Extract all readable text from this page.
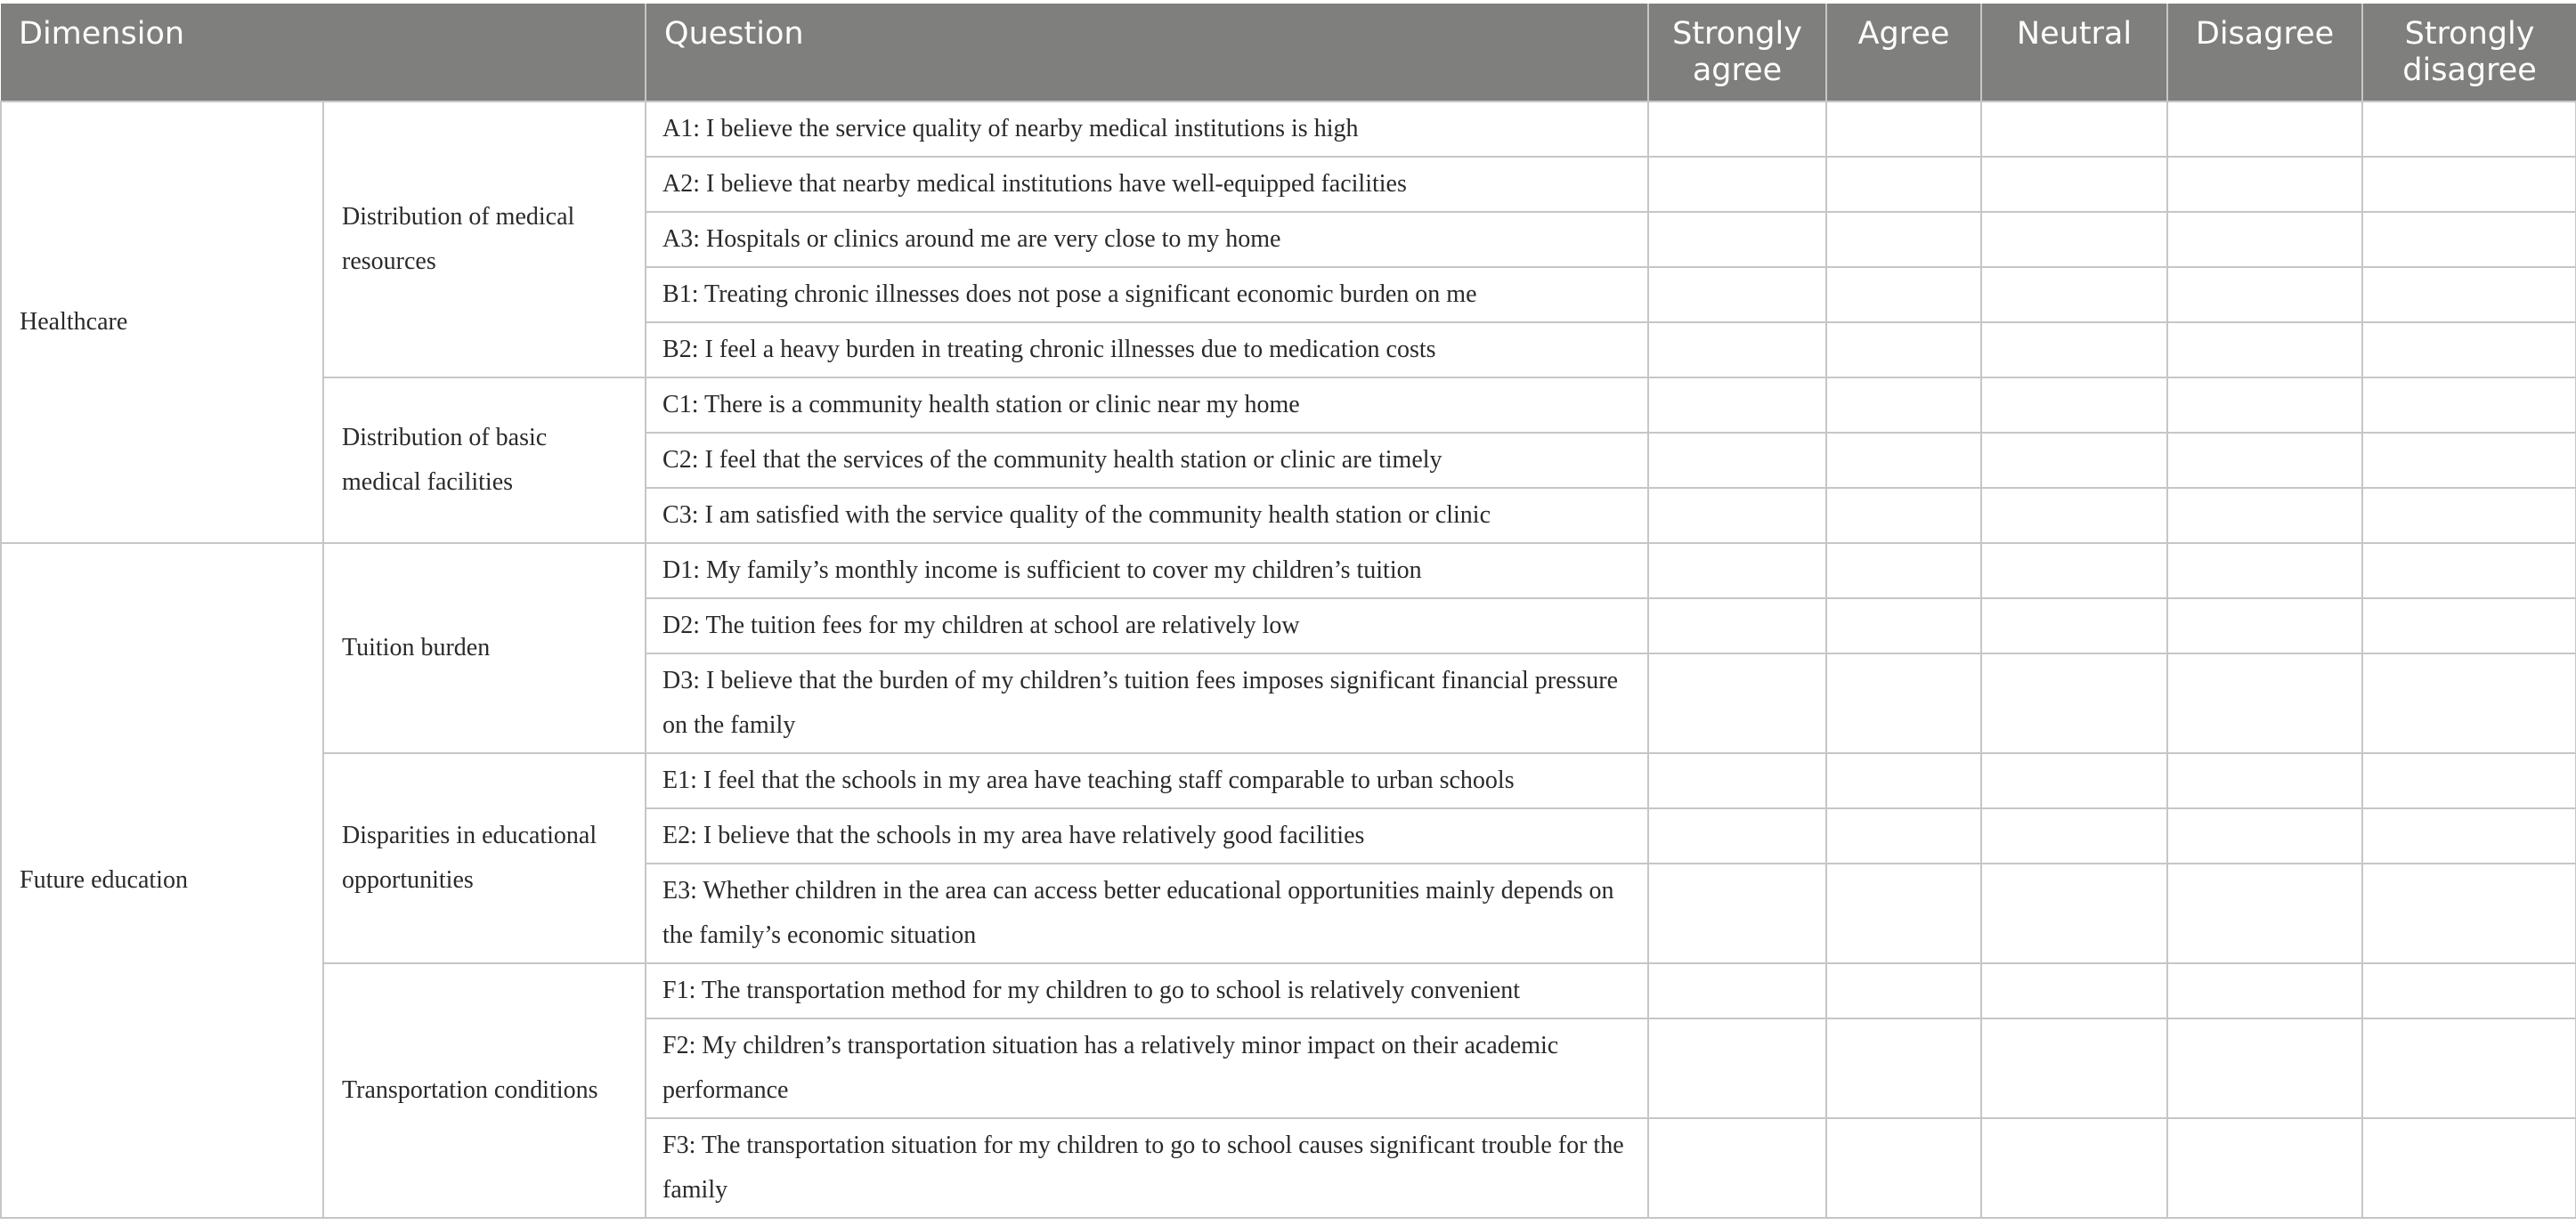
Dimension		Question	Strongly agree	Agree	Neutral	Disagree	Strongly disagree
Healthcare	Distribution of medical resources	A1: I believe the service quality of nearby medical institutions is high					
		A2: I believe that nearby medical institutions have well-equipped facilities					
		A3: Hospitals or clinics around me are very close to my home					
		B1: Treating chronic illnesses does not pose a significant economic burden on me					
		B2: I feel a heavy burden in treating chronic illnesses due to medication costs					
	Distribution of basic medical facilities	C1: There is a community health station or clinic near my home					
		C2: I feel that the services of the community health station or clinic are timely					
		C3: I am satisfied with the service quality of the community health station or clinic					
Future education	Tuition burden	D1: My family’s monthly income is sufficient to cover my children’s tuition					
		D2: The tuition fees for my children at school are relatively low					
		D3: I believe that the burden of my children’s tuition fees imposes significant financial pressure on the family					
	Disparities in educational opportunities	E1: I feel that the schools in my area have teaching staff comparable to urban schools					
		E2: I believe that the schools in my area have relatively good facilities					
		E3: Whether children in the area can access better educational opportunities mainly depends on the family’s economic situation					
	Transportation conditions	F1: The transportation method for my children to go to school is relatively convenient					
		F2: My children’s transportation situation has a relatively minor impact on their academic performance					
		F3: The transportation situation for my children to go to school causes significant trouble for the family					
